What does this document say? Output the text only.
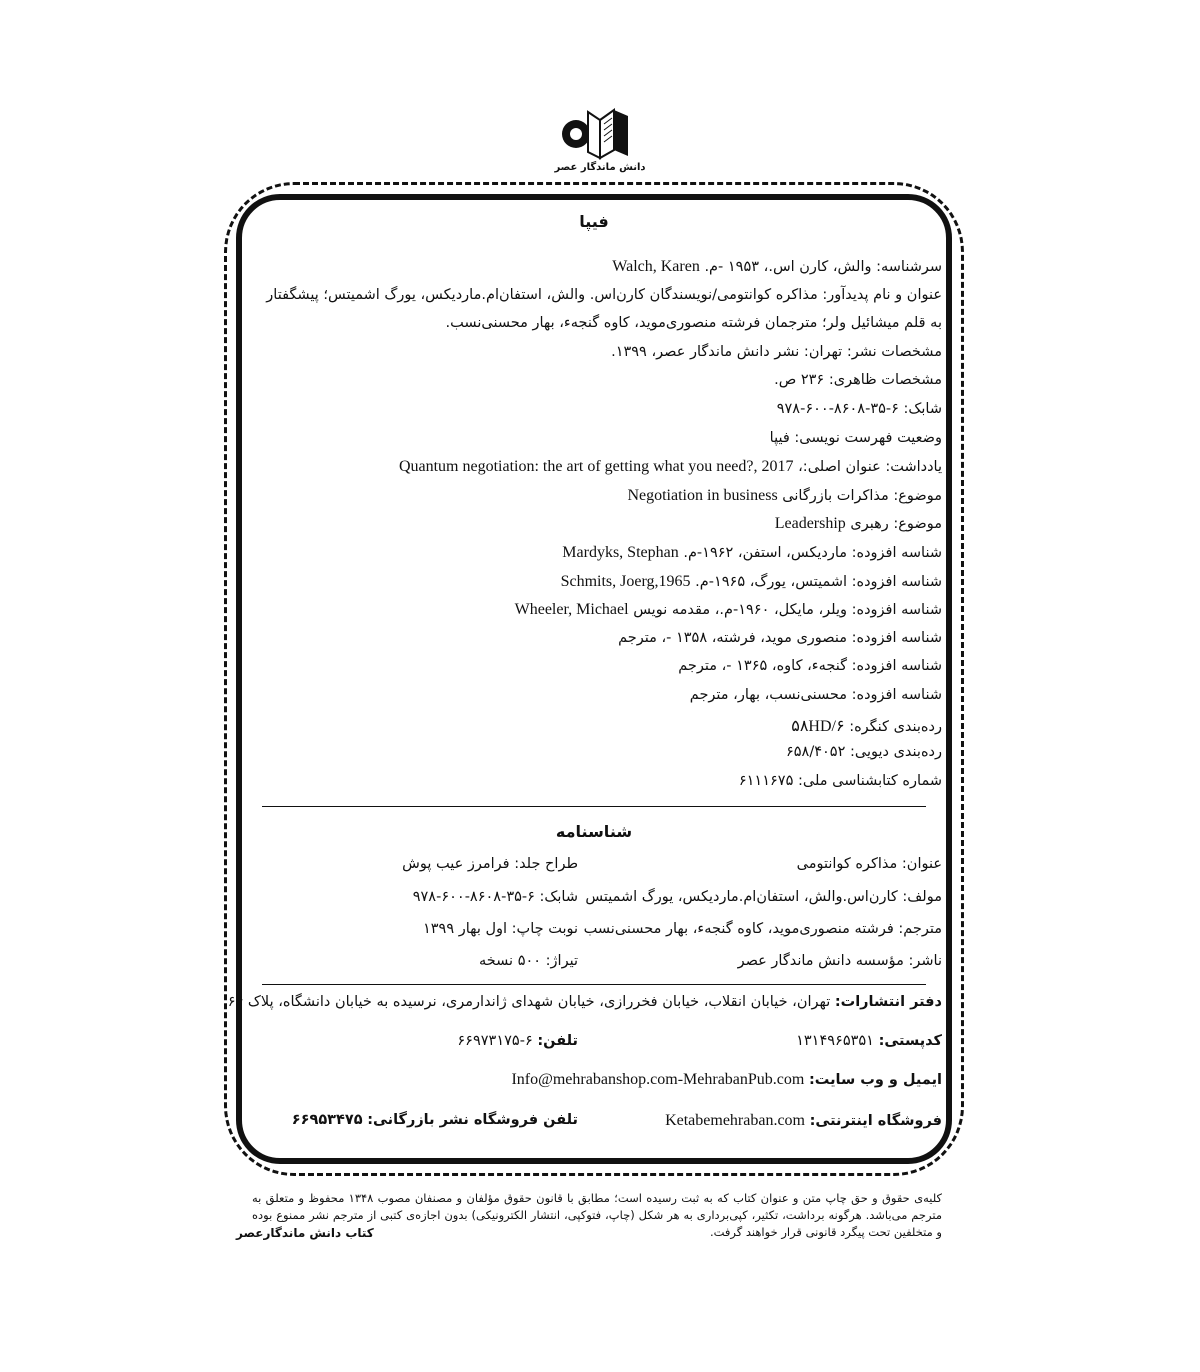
دانش ماندگار عصر
فیپا
سرشناسه: والش، کارن اس.، ۱۹۵۳ -م. Walch, Karen
عنوان و نام پدیدآور: مذاکره کوانتومی/نویسندگان کارن‌اس. والش، استفان‌ام.ماردیکس، یورگ اشمیتس؛ پیشگفتار
به قلم میشائیل ولر؛ مترجمان فرشته منصوری‌موید، کاوه گنجه‌ء، بهار محسنی‌نسب.
مشخصات نشر: تهران: نشر دانش ماندگار عصر، ۱۳۹۹.
مشخصات ظاهری: ۲۳۶ ص.
شابک: ۶-۳۵-۸۶۰۸-۶۰۰-۹۷۸
وضعیت فهرست نویسی: فیپا
یادداشت: عنوان اصلی:، Quantum negotiation: the art of getting what you need?, 2017
موضوع: مذاکرات بازرگانی Negotiation in business
موضوع: رهبری Leadership
شناسه افزوده: ماردیکس، استفن، ۱۹۶۲-م. Mardyks, Stephan
شناسه افزوده: اشمیتس، یورگ، ۱۹۶۵-م. Schmits, Joerg,1965
شناسه افزوده: ویلر، مایکل، ۱۹۶۰-م.، مقدمه نویس Wheeler, Michael
شناسه افزوده: منصوری موید، فرشته، ۱۳۵۸ -، مترجم
شناسه افزوده: گنجه‌ء، کاوه، ۱۳۶۵ -، مترجم
شناسه افزوده: محسنی‌نسب، بهار، مترجم
رده‌بندی کنگره: ۵۸HD/۶
رده‌بندی دیویی: ۶۵۸/۴۰۵۲
شماره کتابشناسی ملی: ۶۱۱۱۶۷۵
شناسنامه
عنوان: مذاکره کوانتومی
مولف: کارن‌اس.والش، استفان‌ام.ماردیکس، یورگ اشمیتس
مترجم: فرشته منصوری‌موید، کاوه گنجه‌ء، بهار محسنی‌نسب
ناشر: مؤسسه دانش ماندگار عصر
طراح جلد: فرامرز عیب پوش
شابک: ۶-۳۵-۸۶۰۸-۶۰۰-۹۷۸
نوبت چاپ: اول بهار ۱۳۹۹
تیراژ: ۵۰۰ نسخه
دفتر انتشارات: تهران، خیابان انقلاب، خیابان فخررازی، خیابان شهدای ژاندارمری، نرسیده به خیابان دانشگاه، پلاک ۶۴
کدپستی: ۱۳۱۴۹۶۵۳۵۱
تلفن: ۶-۶۶۹۷۳۱۷۵
ایمیل و وب سایت: Info@mehrabanshop.com-MehrabanPub.com
فروشگاه اینترنتی: Ketabemehraban.com
تلفن فروشگاه نشر بازرگانی: ۶۶۹۵۳۴۷۵
کلیه‌ی حقوق و حق چاپ متن و عنوان کتاب که به ثبت رسیده است؛ مطابق با قانون حقوق مؤلفان و مصنفان مصوب ۱۳۴۸ محفوظ و متعلق به مترجم می‌باشد. هرگونه برداشت، تکثیر، کپی‌برداری به هر شکل (چاپ، فتوکپی، انتشار الکترونیکی) بدون اجازه‌ی کتبی از مترجم نشر ممنوع بوده و متخلفین تحت پیگرد قانونی قرار خواهند گرفت.
کتاب دانش ماندگارعصر
